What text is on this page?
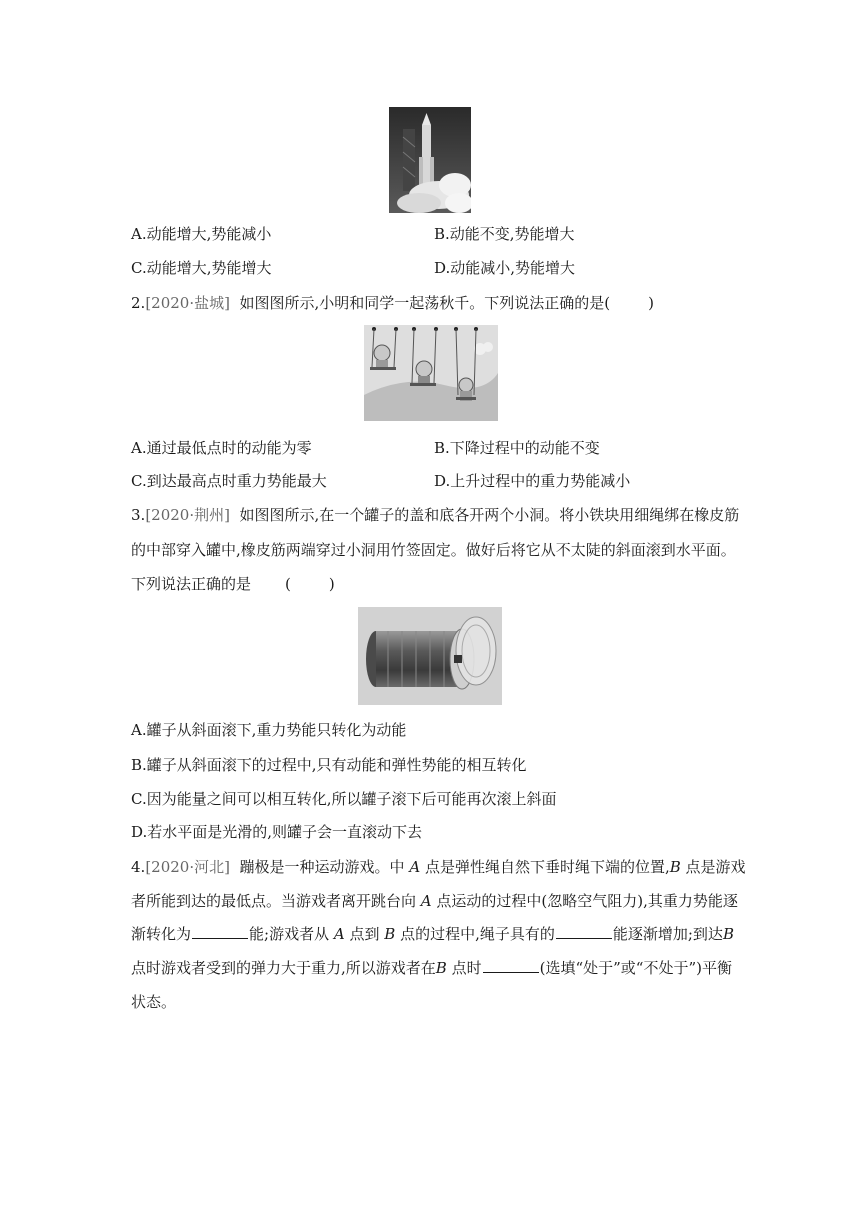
A.动能增大,势能减小	B.动能不变,势能增大
C.动能增大,势能增大	D.动能减小,势能增大
2.[2020·盐城] 如图图所示,小明和同学一起荡秋千。下列说法正确的是(	)
A.通过最低点时的动能为零	B.下降过程中的动能不变
C.到达最高点时重力势能最大	D.上升过程中的重力势能减小
3.[2020·荆州] 如图图所示,在一个罐子的盖和底各开两个小洞。将小铁块用细绳绑在橡皮筋
的中部穿入罐中,橡皮筋两端穿过小洞用竹签固定。做好后将它从不太陡的斜面滚到水平面。
下列说法正确的是 (	)
A.罐子从斜面滚下,重力势能只转化为动能
B.罐子从斜面滚下的过程中,只有动能和弹性势能的相互转化
C.因为能量之间可以相互转化,所以罐子滚下后可能再次滚上斜面
D.若水平面是光滑的,则罐子会一直滚动下去
4.[2020·河北] 蹦极是一种运动游戏。中 A 点是弹性绳自然下垂时绳下端的位置,B 点是游戏
者所能到达的最低点。当游戏者离开跳台向 A 点运动的过程中(忽略空气阻力),其重力势能逐
渐转化为	能;游戏者从 A 点到 B 点的过程中,绳子具有的	能逐渐增加;到达B
点时游戏者受到的弹力大于重力,所以游戏者在B 点时	(选填“处于”或“不处于”)平衡
状态。
